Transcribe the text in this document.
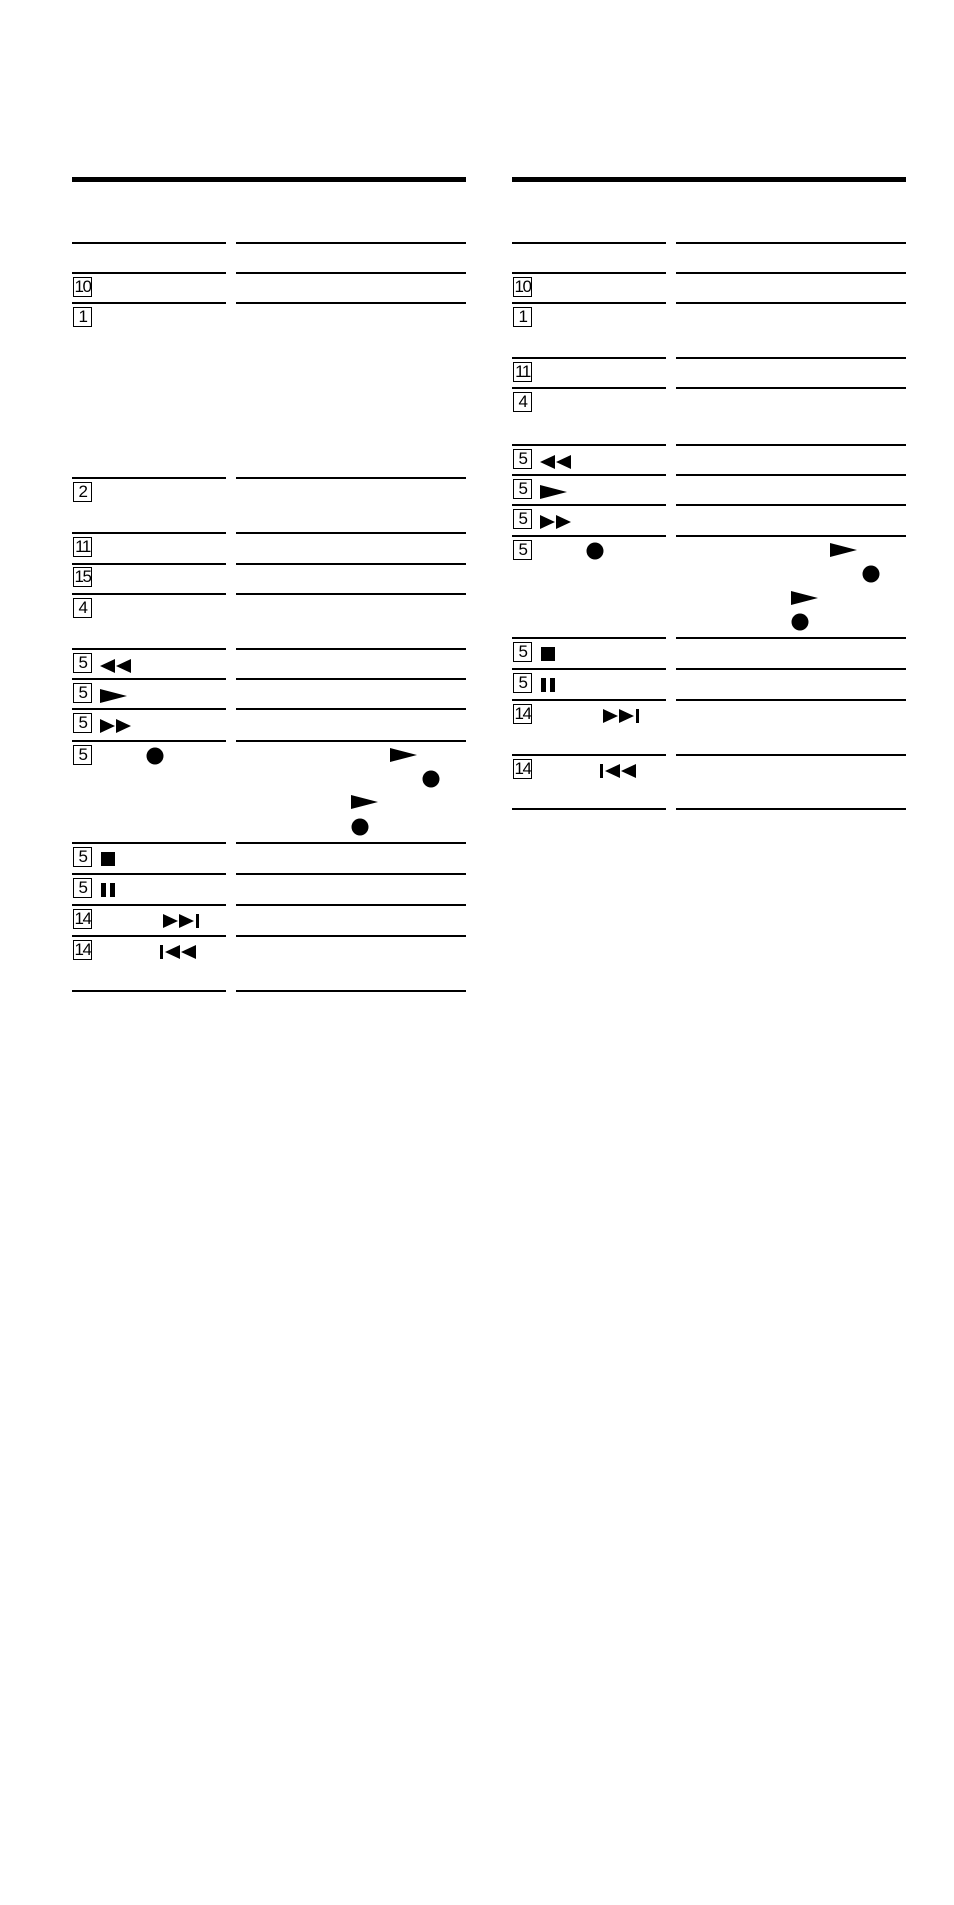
10
1
2
11
15
4
5
5
5
5
5
5
14
14
10
1
11
4
5
5
5
5
5
5
14
14
